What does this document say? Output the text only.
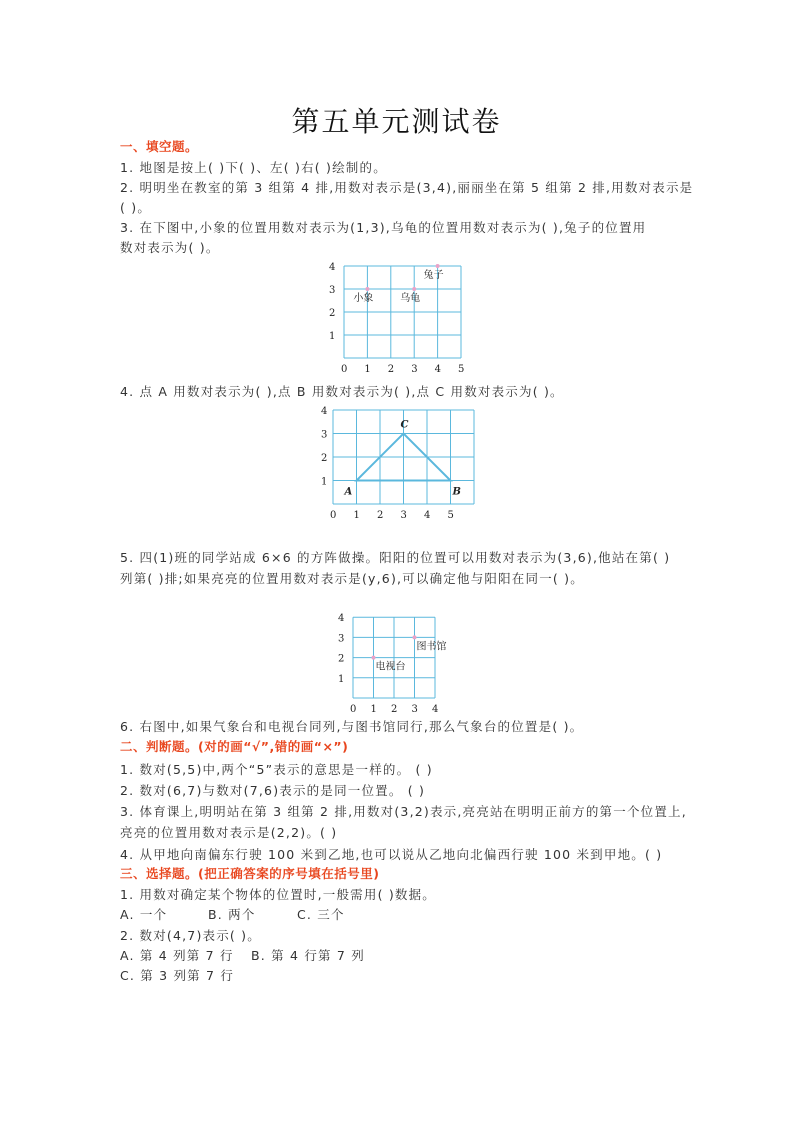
第五单元测试卷
一、填空题。
1. 地图是按上( )下( )、左( )右( )绘制的。
2. 明明坐在教室的第 3 组第 4 排,用数对表示是(3,4),丽丽坐在第 5 组第 2 排,用数对表示是
( )。
3. 在下图中,小象的位置用数对表示为(1,3),乌龟的位置用数对表示为( ),兔子的位置用
数对表示为( )。
0 1 2 3 4 5
1
2
3
4
小象	乌龟
兔子
4. 点 A 用数对表示为( ),点 B 用数对表示为( ),点 C 用数对表示为( )。
0 1 2 3 4 5
1
2
3
4
A	B
C
5. 四(1)班的同学站成 6×6 的方阵做操。阳阳的位置可以用数对表示为(3,6),他站在第( )
列第( )排;如果亮亮的位置用数对表示是(y,6),可以确定他与阳阳在同一( )。
0 1 2 3 4
1
2
3
4
电视台
图书馆
6. 右图中,如果气象台和电视台同列,与图书馆同行,那么气象台的位置是( )。
二、判断题。(对的画“√”,错的画“×”)
1. 数对(5,5)中,两个“5”表示的意思是一样的。 ( )
2. 数对(6,7)与数对(7,6)表示的是同一位置。 ( )
3. 体育课上,明明站在第 3 组第 2 排,用数对(3,2)表示,亮亮站在明明正前方的第一个位置上,
亮亮的位置用数对表示是(2,2)。( )
4. 从甲地向南偏东行驶 100 米到乙地,也可以说从乙地向北偏西行驶 100 米到甲地。( )
三、选择题。(把正确答案的序号填在括号里)
1. 用数对确定某个物体的位置时,一般需用( )数据。
A. 一个	B. 两个	C. 三个
2. 数对(4,7)表示( )。
A. 第 4 列第 7 行 B. 第 4 行第 7 列
C. 第 3 列第 7 行
